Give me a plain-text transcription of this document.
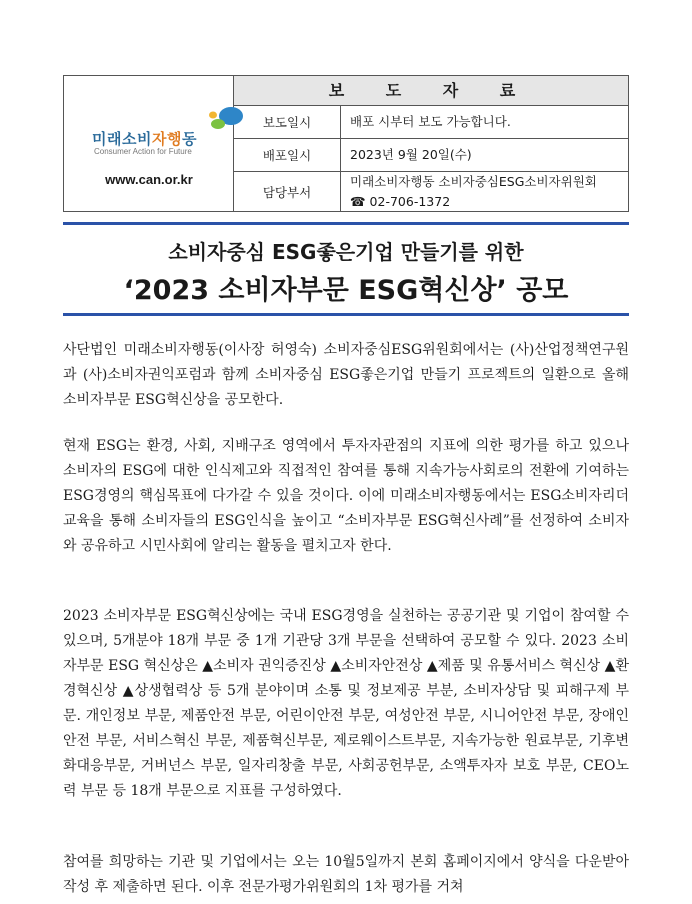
미래소비자행동
Consumer Action for Future
www.can.or.kr
보 도 자 료
보도일시	배포 시부터 보도 가능합니다.
배포일시	2023년 9월 20일(수)
담당부서
미래소비자행동 소비자중심ESG소비자위원회
☎ 02-706-1372
소비자중심 ESG좋은기업 만들기를 위한
‘2023 소비자부문 ESG혁신상’ 공모

사단법인 미래소비자행동(이사장 허영숙) 소비자중심ESG위원회에서는 (사)산업정책연구원과 (사)소비자권익포럼과 함께 소비자중심 ESG좋은기업 만들기 프로젝트의 일환으로 올해 소비자부문 ESG혁신상을 공모한다.

현재 ESG는 환경, 사회, 지배구조 영역에서 투자자관점의 지표에 의한 평가를 하고 있으나 소비자의 ESG에 대한 인식제고와 직접적인 참여를 통해 지속가능사회로의 전환에 기여하는 ESG경영의 핵심목표에 다가갈 수 있을 것이다. 이에 미래소비자행동에서는 ESG소비자리더 교육을 통해 소비자들의 ESG인식을 높이고 “소비자부문 ESG혁신사례”를 선정하여 소비자와 공유하고 시민사회에 알리는 활동을 펼치고자 한다.

2023 소비자부문 ESG혁신상에는 국내 ESG경영을 실천하는 공공기관 및 기업이 참여할 수 있으며, 5개분야 18개 부문 중 1개 기관당 3개 부문을 선택하여 공모할 수 있다. 2023 소비자부문 ESG 혁신상은 ▲소비자 권익증진상 ▲소비자안전상 ▲제품 및 유통서비스 혁신상 ▲환경혁신상 ▲상생협력상 등 5개 분야이며 소통 및 정보제공 부분, 소비자상담 및 피해구제 부문. 개인정보 부문, 제품안전 부문, 어린이안전 부문, 여성안전 부문, 시니어안전 부문, 장애인안전 부문, 서비스혁신 부문, 제품혁신부문, 제로웨이스트부문, 지속가능한 원료부문, 기후변화대응부문, 거버넌스 부문, 일자리창출 부문, 사회공헌부문, 소액투자자 보호 부문, CEO노력 부문 등 18개 부문으로 지표를 구성하였다.

참여를 희망하는 기관 및 기업에서는 오는 10월5일까지 본회 홈페이지에서 양식을 다운받아 작성 후 제출하면 된다. 이후 전문가평가위원회의 1차 평가를 거쳐
